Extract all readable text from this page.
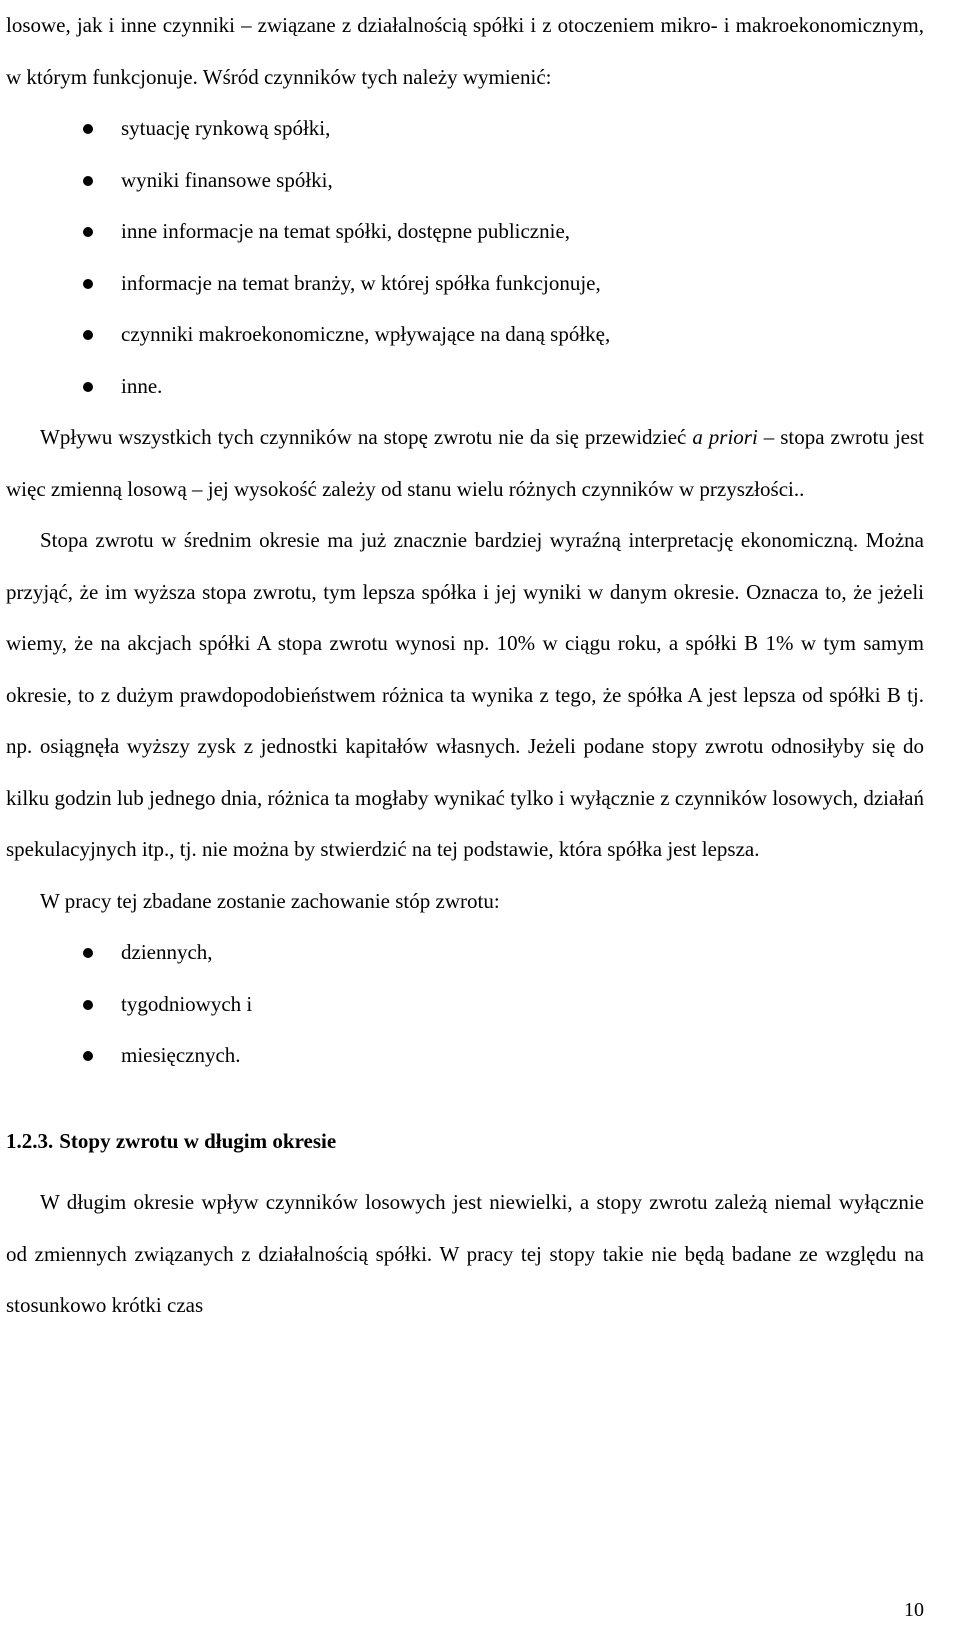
losowe, jak i inne czynniki – związane z działalnością spółki i z otoczeniem mikro- i makroekonomicznym, w którym funkcjonuje. Wśród czynników tych należy wymienić:

sytuację rynkową spółki,
wyniki finansowe spółki,
inne informacje na temat spółki, dostępne publicznie,
informacje na temat branży, w której spółka funkcjonuje,
czynniki makroekonomiczne, wpływające na daną spółkę,
inne.

Wpływu wszystkich tych czynników na stopę zwrotu nie da się przewidzieć a priori – stopa zwrotu jest więc zmienną losową – jej wysokość zależy od stanu wielu różnych czynników w przyszłości..

Stopa zwrotu w średnim okresie ma już znacznie bardziej wyraźną interpretację ekonomiczną. Można przyjąć, że im wyższa stopa zwrotu, tym lepsza spółka i jej wyniki w danym okresie. Oznacza to, że jeżeli wiemy, że na akcjach spółki A stopa zwrotu wynosi np. 10% w ciągu roku, a spółki B 1% w tym samym okresie, to z dużym prawdopodobieństwem różnica ta wynika z tego, że spółka A jest lepsza od spółki B tj. np. osiągnęła wyższy zysk z jednostki kapitałów własnych. Jeżeli podane stopy zwrotu odnosiłyby się do kilku godzin lub jednego dnia, różnica ta mogłaby wynikać tylko i wyłącznie z czynników losowych, działań spekulacyjnych itp., tj. nie można by stwierdzić na tej podstawie, która spółka jest lepsza.

W pracy tej zbadane zostanie zachowanie stóp zwrotu:

dziennych,
tygodniowych i
miesięcznych.
1.2.3. Stopy zwrotu w długim okresie

W długim okresie wpływ czynników losowych jest niewielki, a stopy zwrotu zależą niemal wyłącznie od zmiennych związanych z działalnością spółki. W pracy tej stopy takie nie będą badane ze względu na stosunkowo krótki czas

10
